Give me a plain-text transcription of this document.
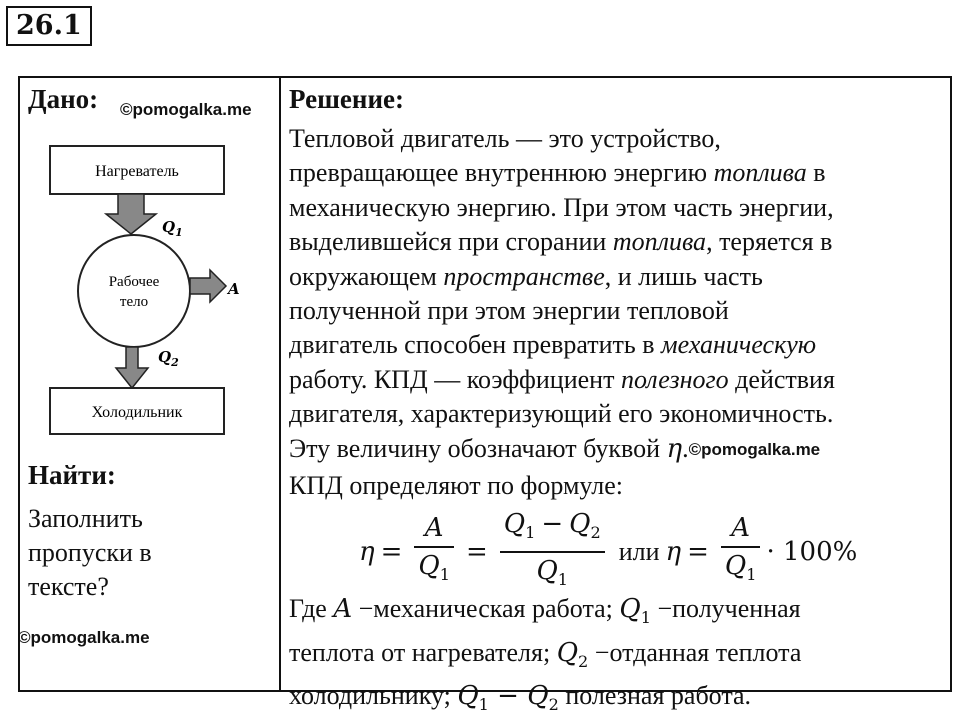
26.1
Дано: ©pomogalka.me
Нагреватель
$Q_1$
Рабочее
тело
A
$Q_2$
Холодильник
Найти:
Заполнить
пропуски в
тексте?
©pomogalka.me
Решение:

Тепловой двигатель — это устройство,

превращающее внутреннюю энергию топлива в

механическую энергию. При этом часть энергии,

выделившейся при сгорании топлива, теряется в

окружающем пространстве, и лишь часть

полученной при этом энергии тепловой

двигатель способен превратить в механическую

работу. КПД — коэффициент полезного действия

двигателя, характеризующий его экономичность.

Эту величину обозначают буквой η.©pomogalka.me

КПД определяют по формуле:

$\eta = \frac{A}{Q_1} = \frac{Q_1 - Q_2}{Q_1}$ или $\eta = \frac{A}{Q_1} \cdot 100\%$

Где A −механическая работа; $Q_1$ −полученная

теплота от нагревателя; $Q_2$ −отданная теплота

холодильнику; $Q_1 - Q_2$ полезная работа.
